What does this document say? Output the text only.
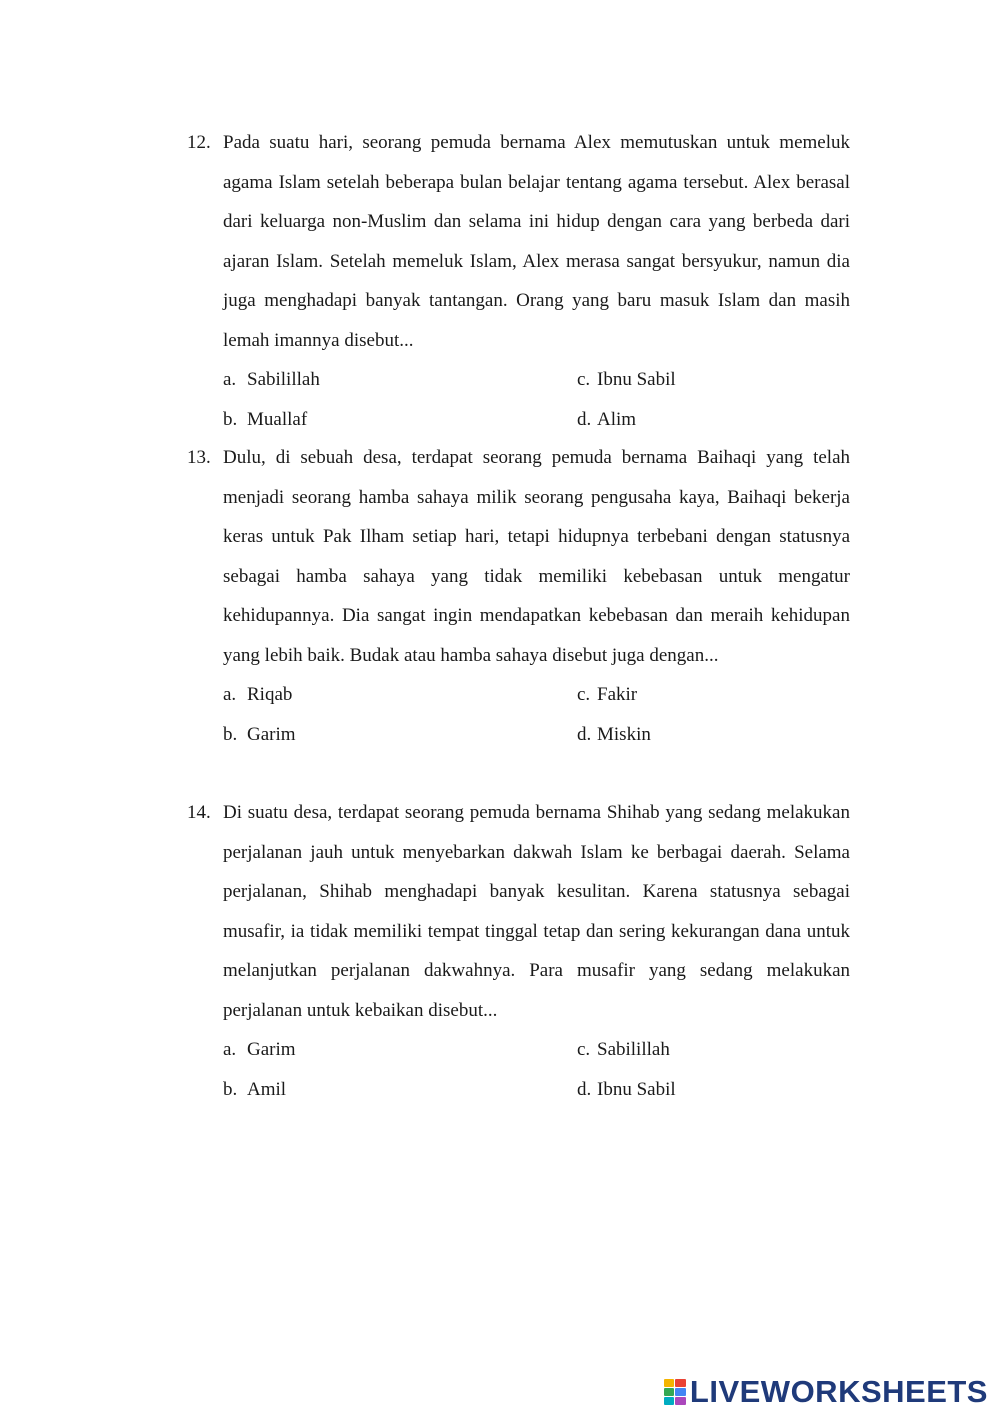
12. Pada suatu hari, seorang pemuda bernama Alex memutuskan untuk memeluk agama Islam setelah beberapa bulan belajar tentang agama tersebut. Alex berasal dari keluarga non-Muslim dan selama ini hidup dengan cara yang berbeda dari ajaran Islam. Setelah memeluk Islam, Alex merasa sangat bersyukur, namun dia juga menghadapi banyak tantangan. Orang yang baru masuk Islam dan masih lemah imannya disebut...
a. Sabilillah	c. Ibnu Sabil
b. Muallaf	d. Alim
13. Dulu, di sebuah desa, terdapat seorang pemuda bernama Baihaqi yang telah menjadi seorang hamba sahaya milik seorang pengusaha kaya, Baihaqi bekerja keras untuk Pak Ilham setiap hari, tetapi hidupnya terbebani dengan statusnya sebagai hamba sahaya yang tidak memiliki kebebasan untuk mengatur kehidupannya. Dia sangat ingin mendapatkan kebebasan dan meraih kehidupan yang lebih baik. Budak atau hamba sahaya disebut juga dengan...
a. Riqab	c. Fakir
b. Garim	d. Miskin
14. Di suatu desa, terdapat seorang pemuda bernama Shihab yang sedang melakukan perjalanan jauh untuk menyebarkan dakwah Islam ke berbagai daerah. Selama perjalanan, Shihab menghadapi banyak kesulitan. Karena statusnya sebagai musafir, ia tidak memiliki tempat tinggal tetap dan sering kekurangan dana untuk melanjutkan perjalanan dakwahnya. Para musafir yang sedang melakukan perjalanan untuk kebaikan disebut...
a. Garim	c. Sabilillah
b. Amil	d. Ibnu Sabil
LIVEWORKSHEETS
